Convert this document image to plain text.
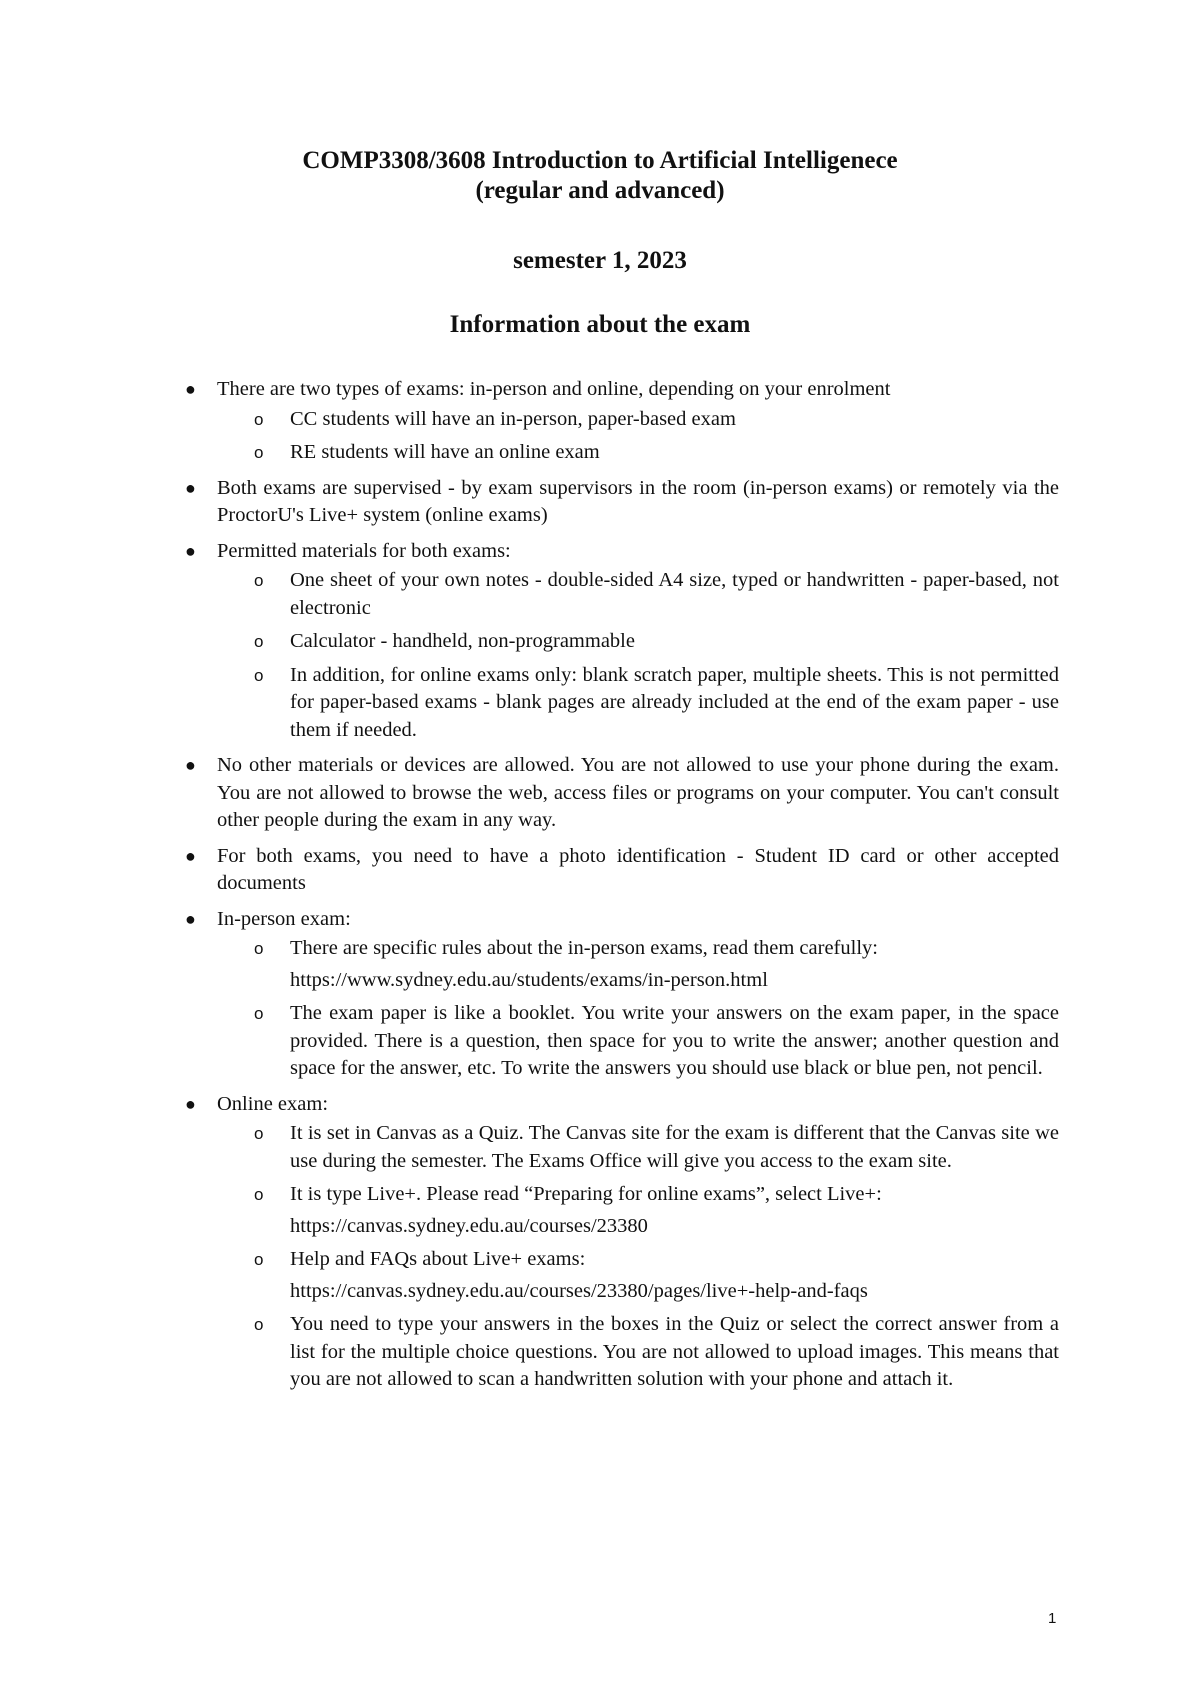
COMP3308/3608 Introduction to Artificial Intelligenece
(regular and advanced)
semester 1, 2023
Information about the exam
● There are two types of exams: in-person and online, depending on your enrolment
o CC students will have an in-person, paper-based exam
o RE students will have an online exam
● Both exams are supervised - by exam supervisors in the room (in-person exams) or remotely via the ProctorU's Live+ system (online exams)
● Permitted materials for both exams:
o One sheet of your own notes - double-sided A4 size, typed or handwritten - paper-based, not electronic
o Calculator - handheld, non-programmable
o In addition, for online exams only: blank scratch paper, multiple sheets. This is not permitted for paper-based exams - blank pages are already included at the end of the exam paper - use them if needed.
● No other materials or devices are allowed. You are not allowed to use your phone during the exam. You are not allowed to browse the web, access files or programs on your computer. You can't consult other people during the exam in any way.
● For both exams, you need to have a photo identification - Student ID card or other accepted documents
● In-person exam:
o There are specific rules about the in-person exams, read them carefully:
https://www.sydney.edu.au/students/exams/in-person.html
o The exam paper is like a booklet. You write your answers on the exam paper, in the space provided. There is a question, then space for you to write the answer; another question and space for the answer, etc. To write the answers you should use black or blue pen, not pencil.
● Online exam:
o It is set in Canvas as a Quiz. The Canvas site for the exam is different that the Canvas site we use during the semester. The Exams Office will give you access to the exam site.
o It is type Live+. Please read “Preparing for online exams”, select Live+:
https://canvas.sydney.edu.au/courses/23380
o Help and FAQs about Live+ exams:
https://canvas.sydney.edu.au/courses/23380/pages/live+-help-and-faqs
o You need to type your answers in the boxes in the Quiz or select the correct answer from a list for the multiple choice questions. You are not allowed to upload images. This means that you are not allowed to scan a handwritten solution with your phone and attach it.
1
